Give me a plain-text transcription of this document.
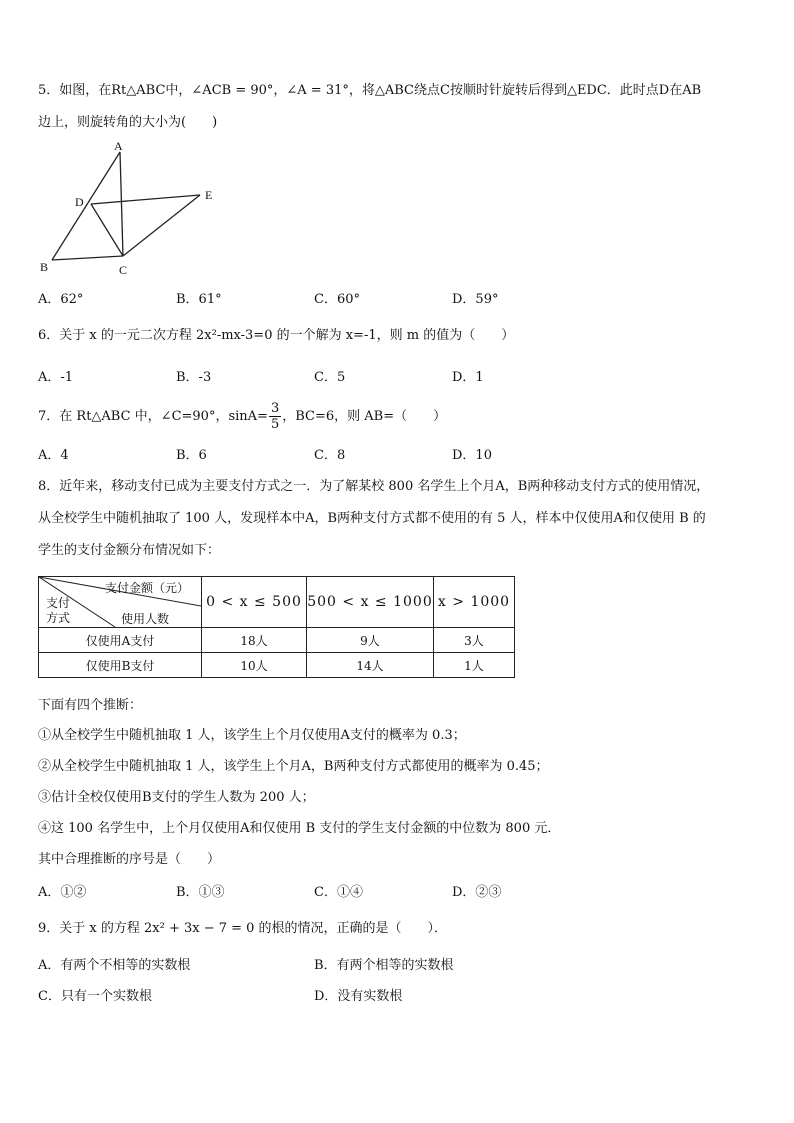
5．如图，在Rt△ABC中，∠ACB = 90°，∠A = 31°，将△ABC绕点C按顺时针旋转后得到△EDC．此时点D在AB
边上，则旋转角的大小为(　　)
A
B	C
D	E
A．62°	B．61°	C．60°	D．59°
6．关于 x 的一元二次方程 2x²-mx-3=0 的一个解为 x=-1，则 m 的值为（　　）
A．-1	B．-3	C．5	D．1
7．在 Rt△ABC 中，∠C=90°，$\sin A= \frac{3}{5}$ ，BC=6，则 AB=（　　）
A．4	B．6	C．8	D．10
8．近年来，移动支付已成为主要支付方式之一．为了解某校 800 名学生上个月A，B两种移动支付方式的使用情况，
从全校学生中随机抽取了 100 人，发现样本中A，B两种支付方式都不使用的有 5 人，样本中仅使用A和仅使用 B 的
学生的支付金额分布情况如下：
支付金额（元）
支付
方式 使用人数	0 < x ≤ 500	500 < x ≤ 1000	x > 1000
仅使用A支付	18人	9人	3人
仅使用B支付	10人	14人	1人
下面有四个推断：
①从全校学生中随机抽取 1 人，该学生上个月仅使用A支付的概率为 0.3；
②从全校学生中随机抽取 1 人，该学生上个月A，B两种支付方式都使用的概率为 0.45；
③估计全校仅使用B支付的学生人数为 200 人；
④这 100 名学生中，上个月仅使用A和仅使用 B 支付的学生支付金额的中位数为 800 元．
其中合理推断的序号是（　　）
A．①②	B．①③	C．①④	D．②③
9．关于 x 的方程 2x² + 3x − 7 = 0 的根的情况，正确的是（　　）．
A．有两个不相等的实数根	B．有两个相等的实数根
C．只有一个实数根	D．没有实数根
